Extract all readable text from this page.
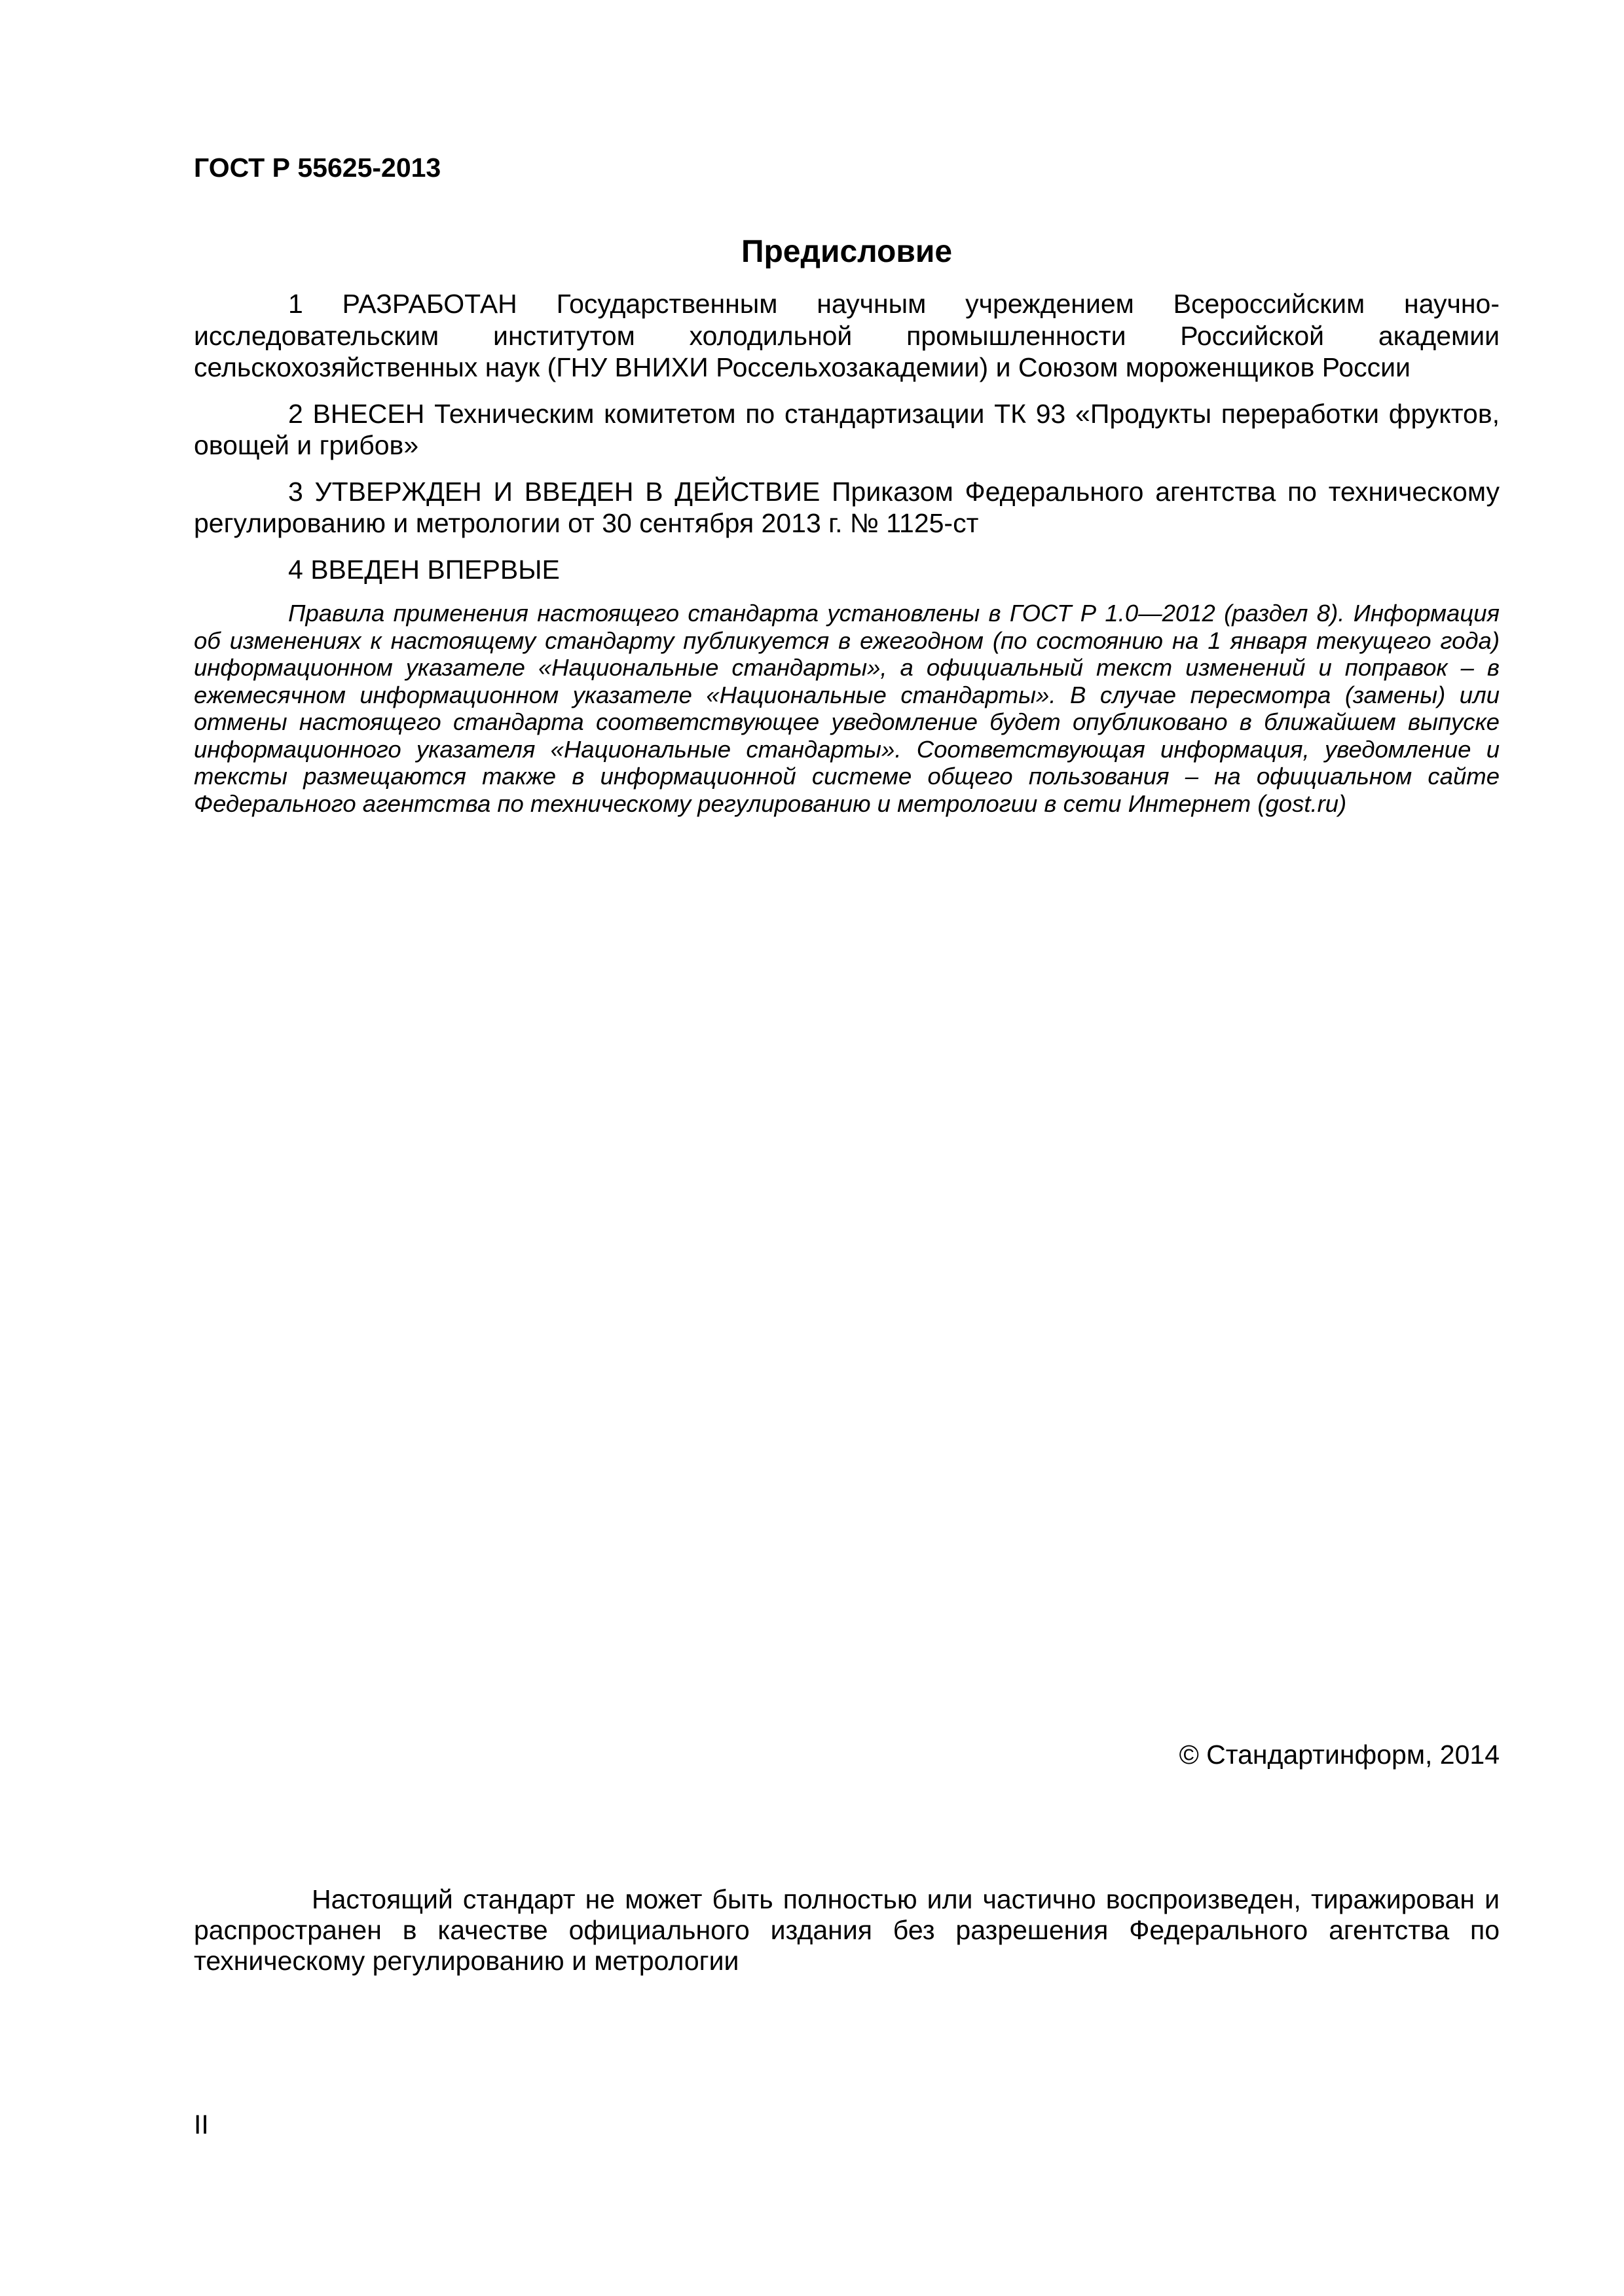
ГОСТ Р 55625-2013
Предисловие

1 РАЗРАБОТАН Государственным научным учреждением Всероссийским научно-исследовательским институтом холодильной промышленности Российской академии сельскохозяйственных наук (ГНУ ВНИХИ Россельхозакадемии) и Союзом мороженщиков России

2 ВНЕСЕН Техническим комитетом по стандартизации ТК 93 «Продукты переработки фруктов, овощей и грибов»

3 УТВЕРЖДЕН И ВВЕДЕН В ДЕЙСТВИЕ Приказом Федерального агентства по техническому регулированию и метрологии от 30 сентября 2013 г. № 1125-ст

4 ВВЕДЕН ВПЕРВЫЕ

Правила применения настоящего стандарта установлены в ГОСТ Р 1.0—2012 (раздел 8). Информация об изменениях к настоящему стандарту публикуется в ежегодном (по состоянию на 1 января текущего года) информационном указателе «Национальные стандарты», а официальный текст изменений и поправок – в ежемесячном информационном указателе «Национальные стандарты». В случае пересмотра (замены) или отмены настоящего стандарта соответствующее уведомление будет опубликовано в ближайшем выпуске информационного указателя «Национальные стандарты». Соответствующая информация, уведомление и тексты размещаются также в информационной системе общего пользования – на официальном сайте Федерального агентства по техническому регулированию и метрологии в сети Интернет (gost.ru)

© Стандартинформ, 2014

Настоящий стандарт не может быть полностью или частично воспроизведен, тиражирован и распространен в качестве официального издания без разрешения Федерального агентства по техническому регулированию и метрологии

II
